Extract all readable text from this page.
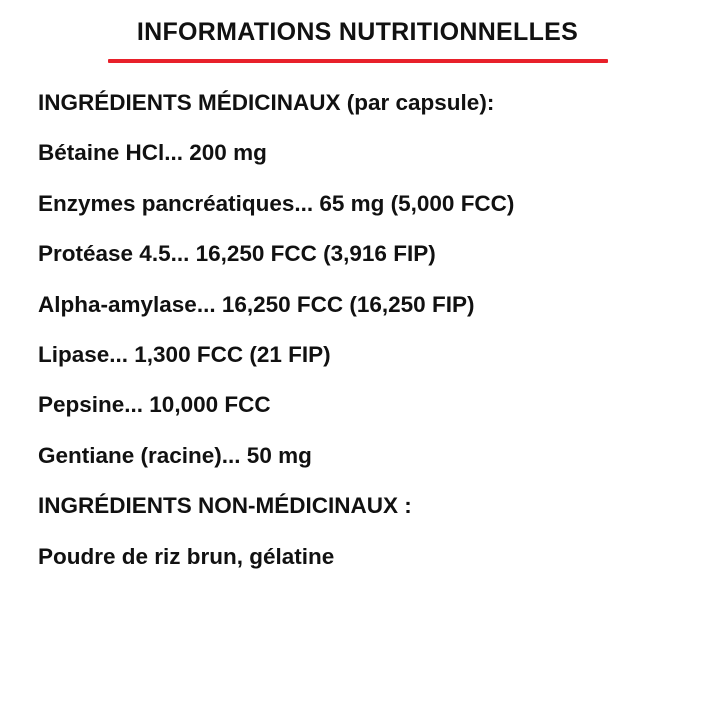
INFORMATIONS NUTRITIONNELLES
INGRÉDIENTS MÉDICINAUX (par capsule):
Bétaine HCl... 200 mg
Enzymes pancréatiques... 65 mg (5,000 FCC)
Protéase 4.5... 16,250 FCC (3,916 FIP)
Alpha-amylase... 16,250 FCC (16,250 FIP)
Lipase... 1,300 FCC (21 FIP)
Pepsine... 10,000 FCC
Gentiane (racine)... 50 mg
INGRÉDIENTS NON-MÉDICINAUX :
Poudre de riz brun, gélatine
